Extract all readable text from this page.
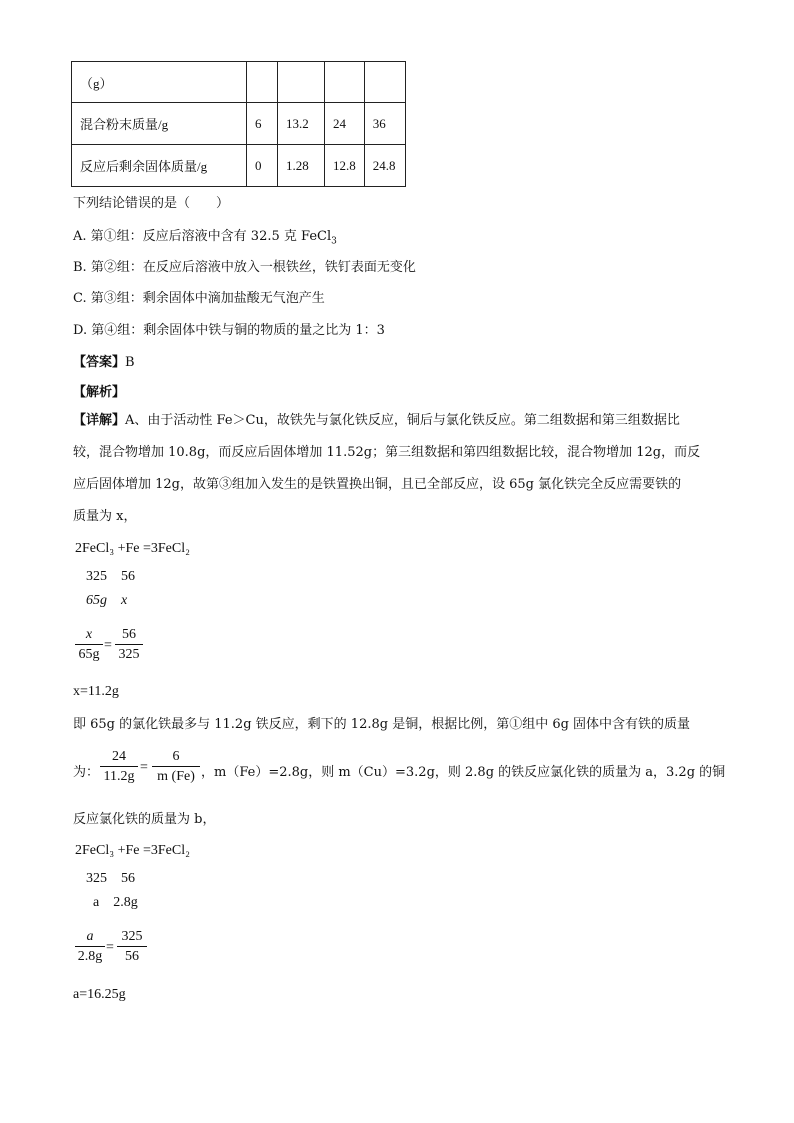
（g）				
混合粉末质量/g	6	13.2	24	36
反应后剩余固体质量/g	0	1.28	12.8	24.8
下列结论错误的是（　　）
A. 第①组：反应后溶液中含有 32.5 克 FeCl$_3$
B. 第②组：在反应后溶液中放入一根铁丝，铁钉表面无变化
C. 第③组：剩余固体中滴加盐酸无气泡产生
D. 第④组：剩余固体中铁与铜的物质的量之比为 1：3
【答案】B
【解析】
【详解】A、由于活动性 Fe＞Cu，故铁先与氯化铁反应，铜后与氯化铁反应。第二组数据和第三组数据比
较，混合物增加 10.8g，而反应后固体增加 11.52g；第三组数据和第四组数据比较，混合物增加 12g，而反
应后固体增加 12g，故第③组加入发生的是铁置换出铜，且已全部反应，设 65g 氯化铁完全反应需要铁的
质量为 x，
2FeCl₃ +Fe =3FeCl₂
325　56
65g　x
x
65g
=
56
325
x=11.2g
即 65g 的氯化铁最多与 11.2g 铁反应，剩下的 12.8g 是铜，根据比例，第①组中 6g 固体中含有铁的质量
为：
24
11.2g
=
6
m (Fe) ，m（Fe）=2.8g，则 m（Cu）=3.2g，则 2.8g 的铁反应氯化铁的质量为 a，3.2g 的铜
反应氯化铁的质量为 b，
2FeCl₃ +Fe =3FeCl₂
325　56
a　2.8g
a
2.8g
=
325
56
a=16.25g
